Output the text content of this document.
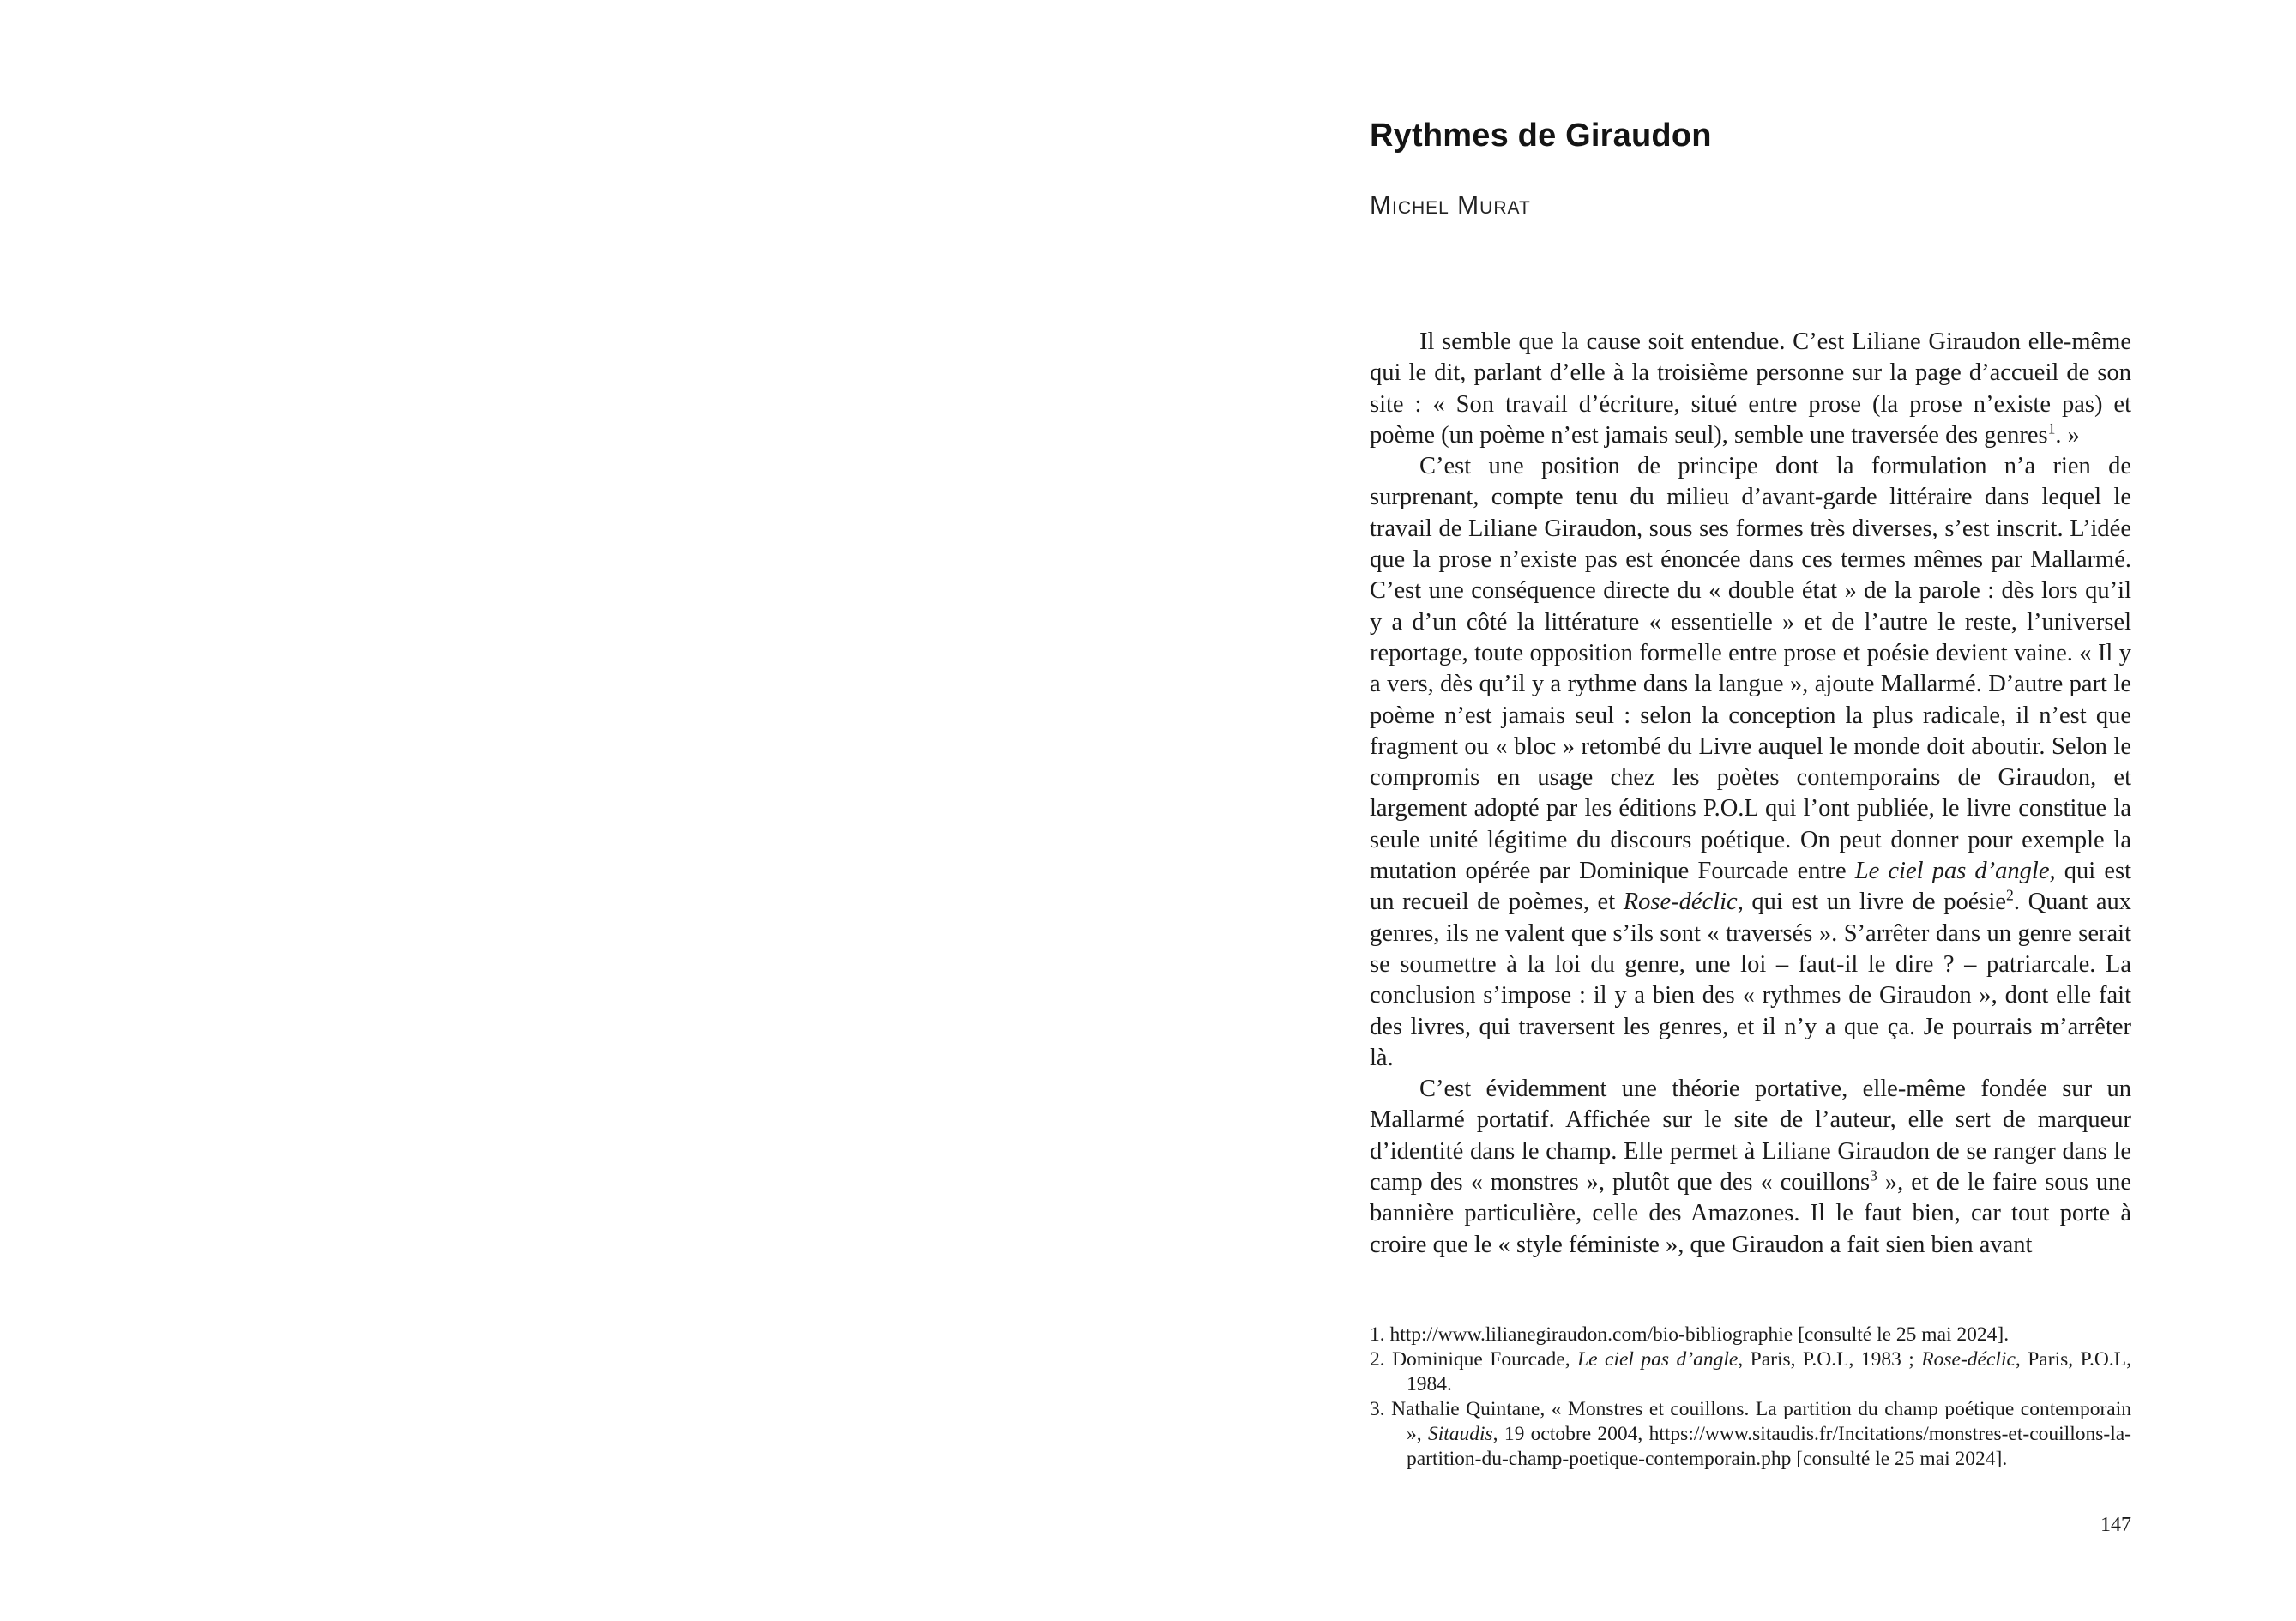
Rythmes de Giraudon
Michel Murat

Il semble que la cause soit entendue. C’est Liliane Giraudon elle-même qui le dit, parlant d’elle à la troisième personne sur la page d’accueil de son site : « Son travail d’écriture, situé entre prose (la prose n’existe pas) et poème (un poème n’est jamais seul), semble une traversée des genres$^1$. »

C’est une position de principe dont la formulation n’a rien de surprenant, compte tenu du milieu d’avant-garde littéraire dans lequel le travail de Liliane Giraudon, sous ses formes très diverses, s’est inscrit. L’idée que la prose n’existe pas est énoncée dans ces termes mêmes par Mallarmé. C’est une conséquence directe du « double état » de la parole : dès lors qu’il y a d’un côté la littérature « essentielle » et de l’autre le reste, l’universel reportage, toute opposition formelle entre prose et poésie devient vaine. « Il y a vers, dès qu’il y a rythme dans la langue », ajoute Mallarmé. D’autre part le poème n’est jamais seul : selon la conception la plus radicale, il n’est que fragment ou « bloc » retombé du Livre auquel le monde doit aboutir. Selon le compromis en usage chez les poètes contemporains de Giraudon, et largement adopté par les éditions P.O.L qui l’ont publiée, le livre constitue la seule unité légitime du discours poétique. On peut donner pour exemple la mutation opérée par Dominique Fourcade entre Le ciel pas d’angle, qui est un recueil de poèmes, et Rose-déclic, qui est un livre de poésie$^2$. Quant aux genres, ils ne valent que s’ils sont « traversés ». S’arrêter dans un genre serait se soumettre à la loi du genre, une loi – faut-il le dire ? – patriarcale. La conclusion s’impose : il y a bien des « rythmes de Giraudon », dont elle fait des livres, qui traversent les genres, et il n’y a que ça. Je pourrais m’arrêter là.

C’est évidemment une théorie portative, elle-même fondée sur un Mallarmé portatif. Affichée sur le site de l’auteur, elle sert de marqueur d’identité dans le champ. Elle permet à Liliane Giraudon de se ranger dans le camp des « monstres », plutôt que des « couillons$^3$ », et de le faire sous une bannière particulière, celle des Amazones. Il le faut bien, car tout porte à croire que le « style féministe », que Giraudon a fait sien bien avant

1. http://www.lilianegiraudon.com/bio-bibliographie [consulté le 25 mai 2024].
2. Dominique Fourcade, Le ciel pas d’angle, Paris, P.O.L, 1983 ; Rose-déclic, Paris, P.O.L, 1984.
3. Nathalie Quintane, « Monstres et couillons. La partition du champ poétique contemporain », Sitaudis, 19 octobre 2004, https://www.sitaudis.fr/Incitations/monstres-et-couillons-la-partition-du-champ-poetique-contemporain.php [consulté le 25 mai 2024].
147
